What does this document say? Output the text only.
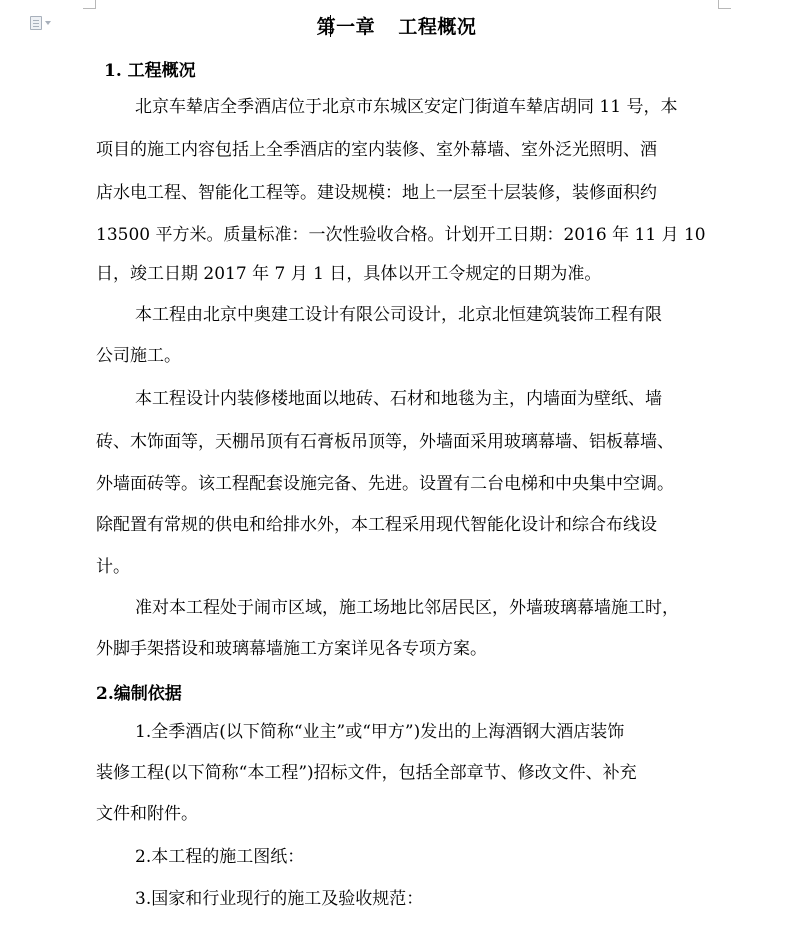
第一章 工程概况
1. 工程概况
北京车辇店全季酒店位于北京市东城区安定门街道车辇店胡同 11 号，本
项目的施工内容包括上全季酒店的室内装修、室外幕墙、室外泛光照明、酒
店水电工程、智能化工程等。建设规模：地上一层至十层装修，装修面积约
13500 平方米。质量标准：一次性验收合格。计划开工日期：2016 年 11 月 10
日，竣工日期 2017 年 7 月 1 日，具体以开工令规定的日期为准。
本工程由北京中奥建工设计有限公司设计，北京北恒建筑装饰工程有限
公司施工。
本工程设计内装修楼地面以地砖、石材和地毯为主，内墙面为壁纸、墙
砖、木饰面等，天棚吊顶有石膏板吊顶等，外墙面采用玻璃幕墙、铝板幕墙、
外墙面砖等。该工程配套设施完备、先进。设置有二台电梯和中央集中空调。
除配置有常规的供电和给排水外，本工程采用现代智能化设计和综合布线设
计。
准对本工程处于闹市区域，施工场地比邻居民区，外墙玻璃幕墙施工时，
外脚手架搭设和玻璃幕墙施工方案详见各专项方案。
2.编制依据
1.全季酒店(以下简称“业主”或“甲方”)发出的上海酒钢大酒店装饰
装修工程(以下简称“本工程”)招标文件，包括全部章节、修改文件、补充
文件和附件。
2.本工程的施工图纸：
3.国家和行业现行的施工及验收规范：
